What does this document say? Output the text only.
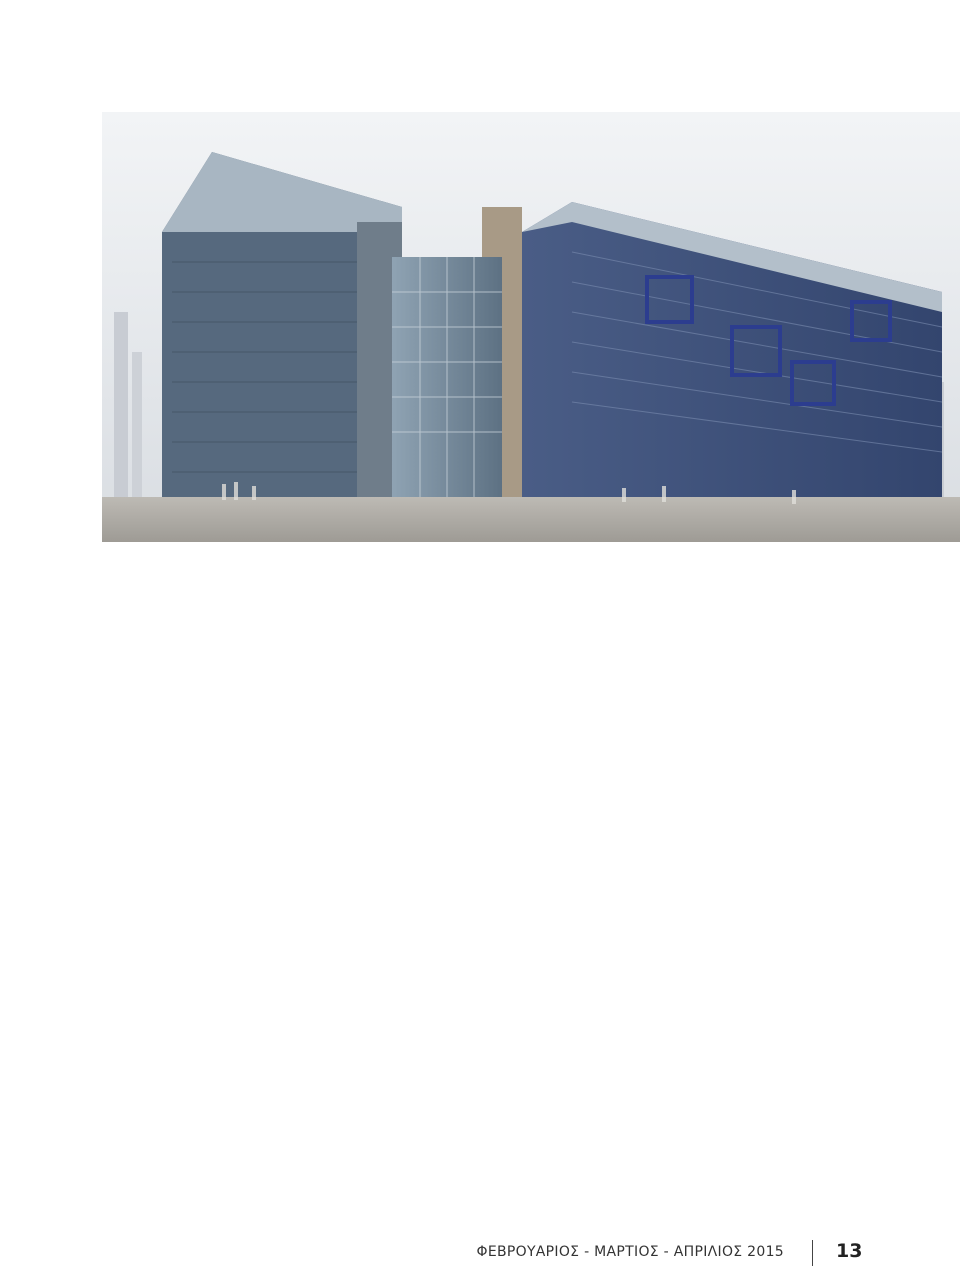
ΦΕΒΡΟΥΑΡΙΟΣ - ΜΑΡΤΙΟΣ - ΑΠΡΙΛΙΟΣ 2015	13
